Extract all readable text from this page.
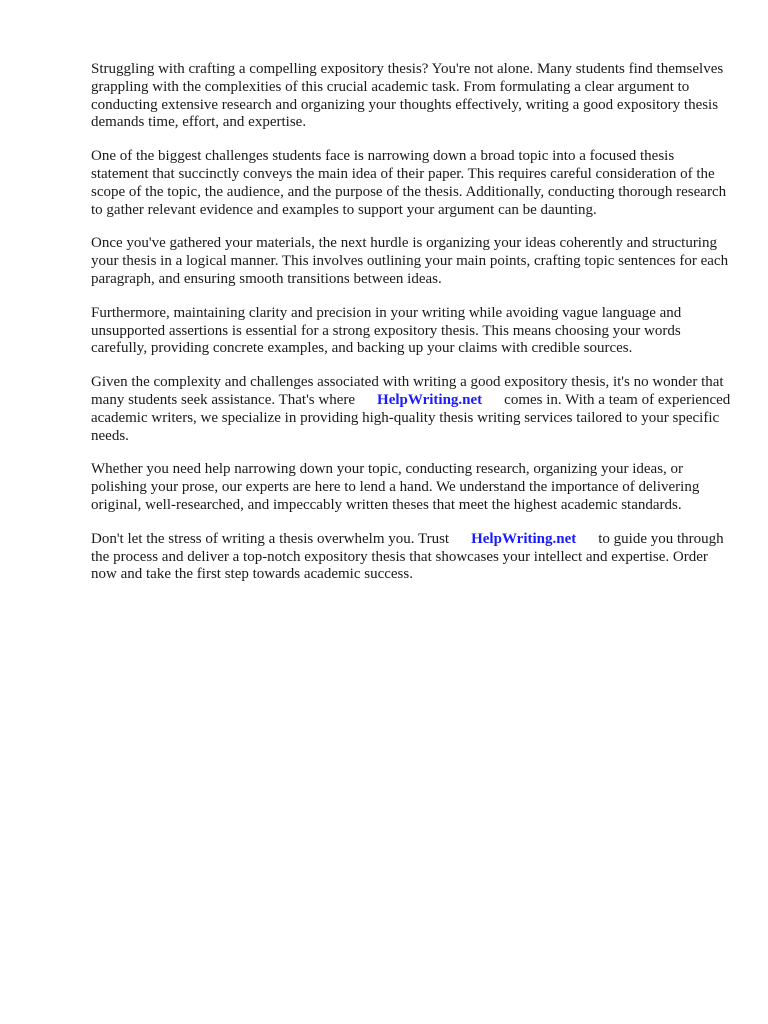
Struggling with crafting a compelling expository thesis? You're not alone. Many students find themselves grappling with the complexities of this crucial academic task. From formulating a clear argument to conducting extensive research and organizing your thoughts effectively, writing a good expository thesis demands time, effort, and expertise.

One of the biggest challenges students face is narrowing down a broad topic into a focused thesis statement that succinctly conveys the main idea of their paper. This requires careful consideration of the scope of the topic, the audience, and the purpose of the thesis. Additionally, conducting thorough research to gather relevant evidence and examples to support your argument can be daunting.

Once you've gathered your materials, the next hurdle is organizing your ideas coherently and structuring your thesis in a logical manner. This involves outlining your main points, crafting topic sentences for each paragraph, and ensuring smooth transitions between ideas.

Furthermore, maintaining clarity and precision in your writing while avoiding vague language and unsupported assertions is essential for a strong expository thesis. This means choosing your words carefully, providing concrete examples, and backing up your claims with credible sources.

Given the complexity and challenges associated with writing a good expository thesis, it's no wonder that many students seek assistance. That's where HelpWriting.net comes in. With a team of experienced academic writers, we specialize in providing high-quality thesis writing services tailored to your specific needs.

Whether you need help narrowing down your topic, conducting research, organizing your ideas, or polishing your prose, our experts are here to lend a hand. We understand the importance of delivering original, well-researched, and impeccably written theses that meet the highest academic standards.

Don't let the stress of writing a thesis overwhelm you. Trust HelpWriting.net to guide you through the process and deliver a top-notch expository thesis that showcases your intellect and expertise. Order now and take the first step towards academic success.
